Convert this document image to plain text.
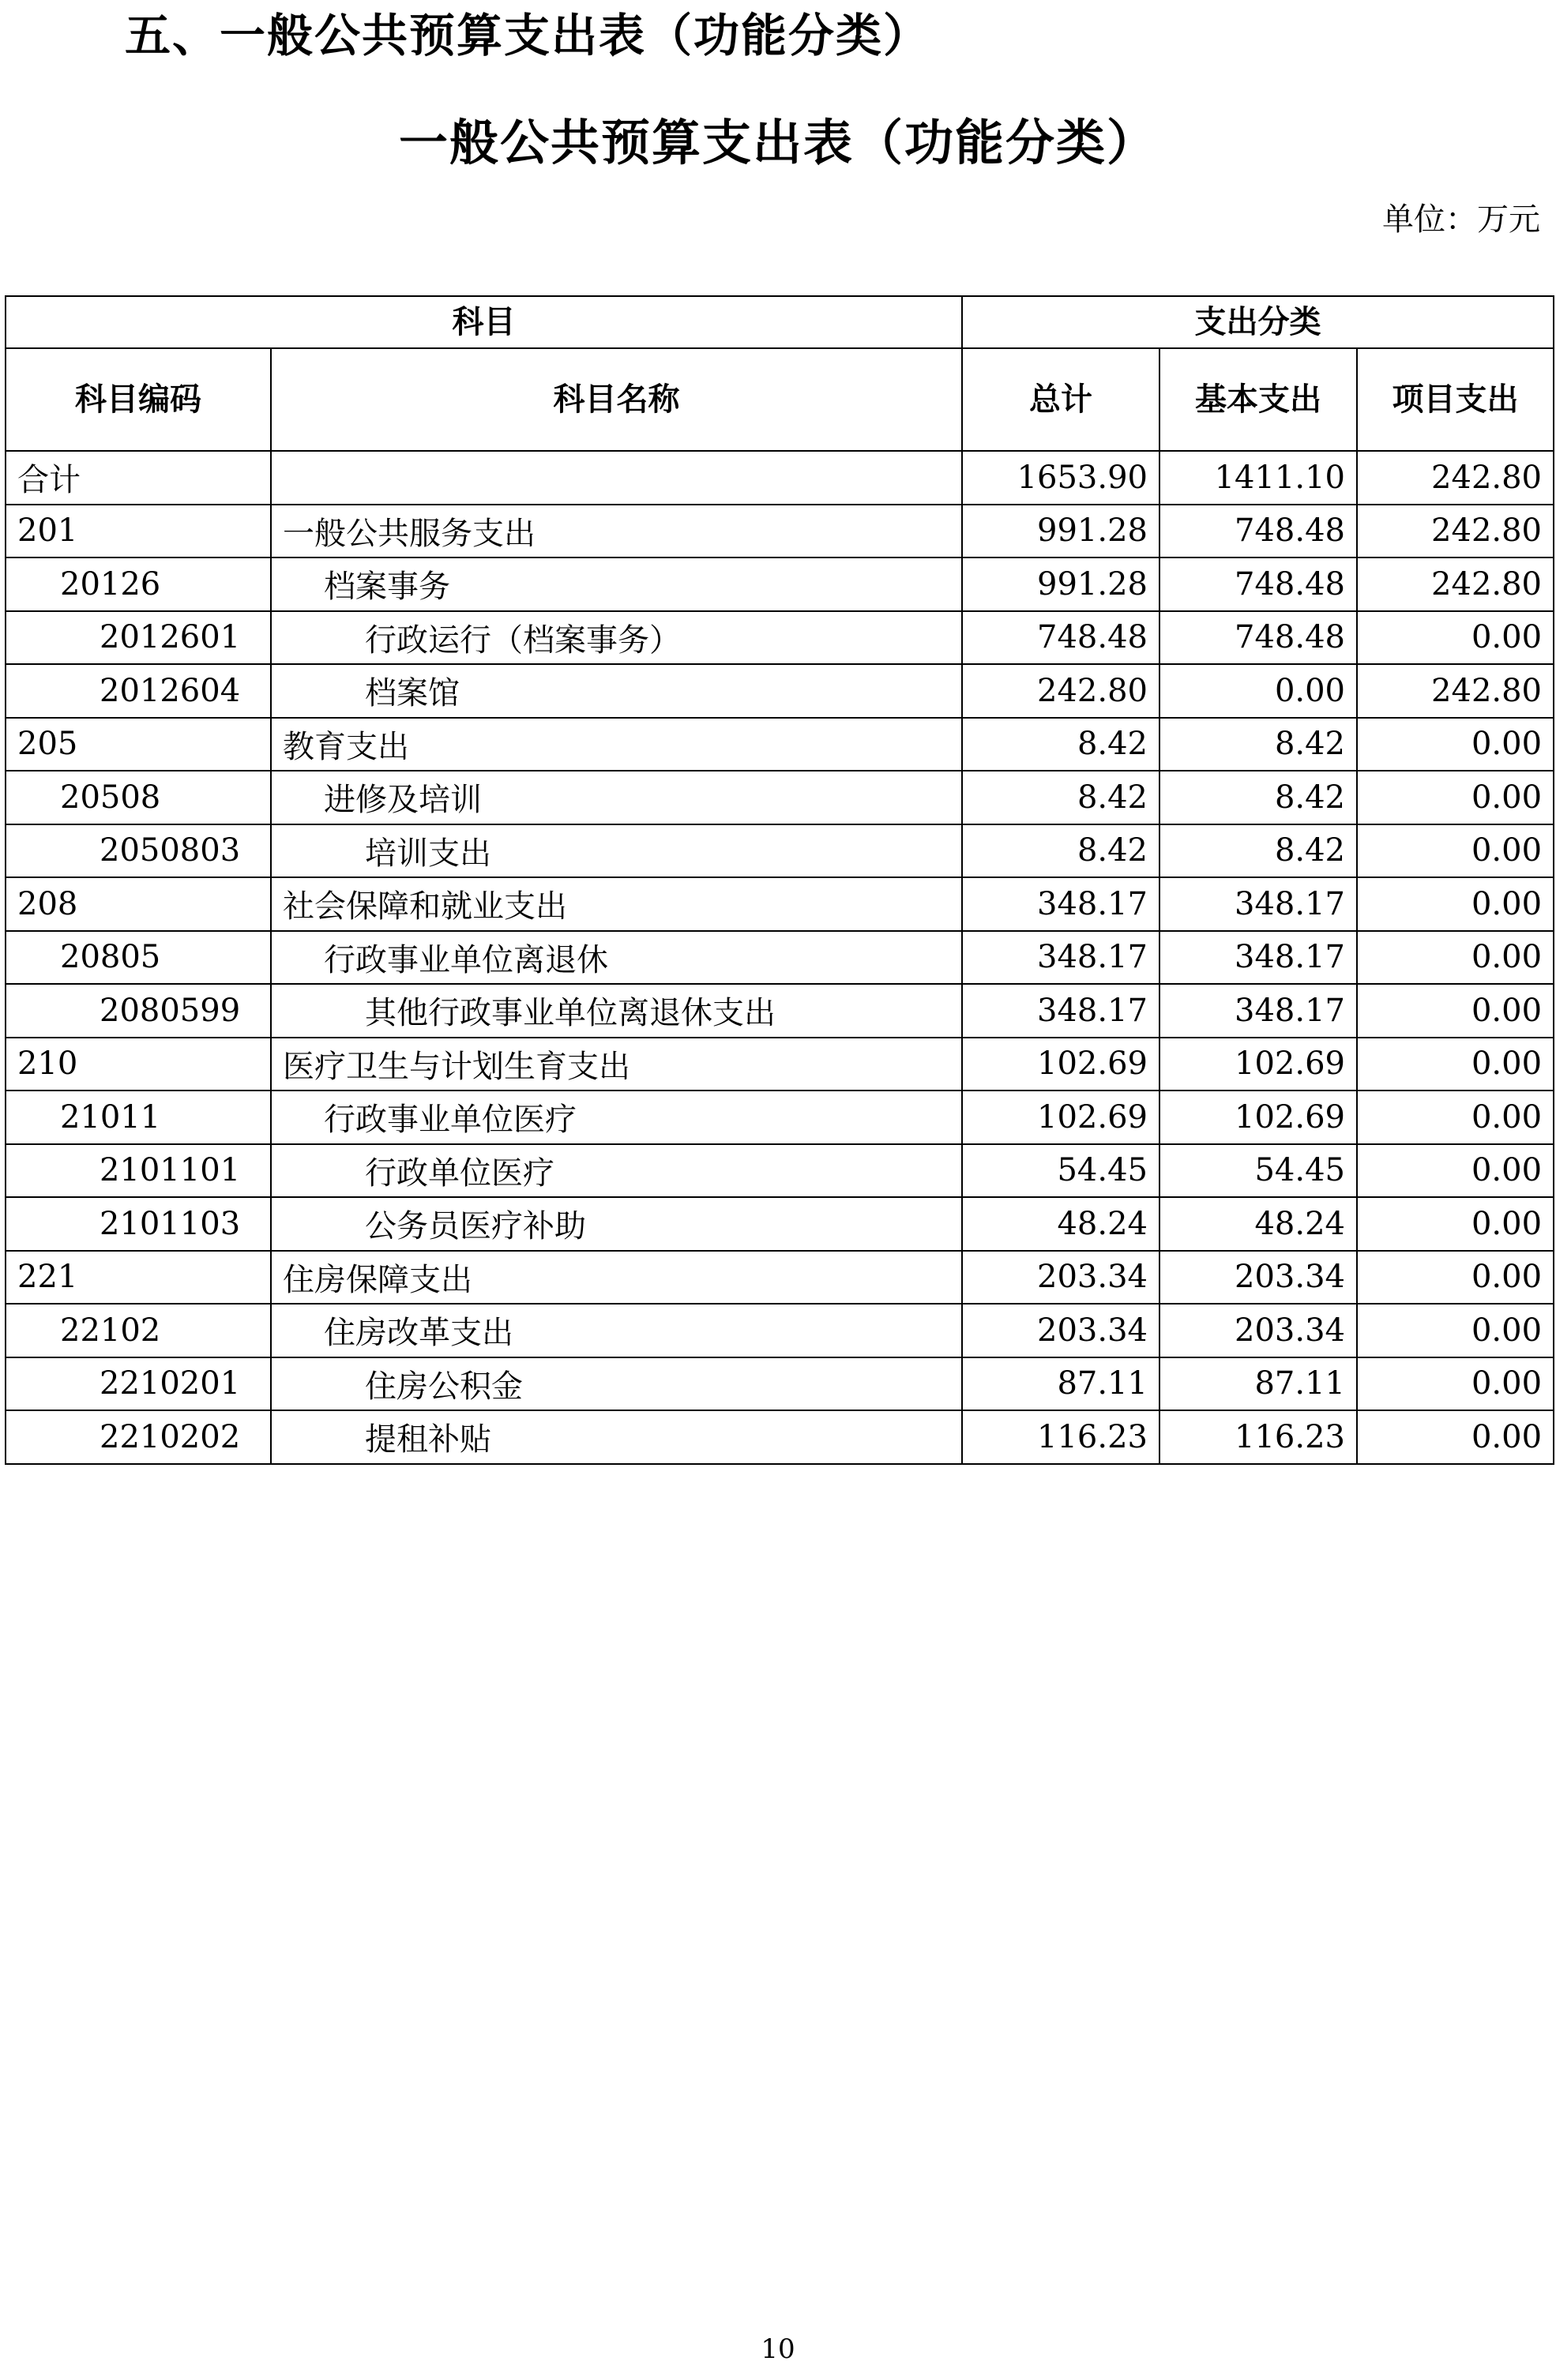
五、一般公共预算支出表（功能分类）
一般公共预算支出表（功能分类）
单位：万元
科目		支出分类		
科目编码	科目名称	总计	基本支出	项目支出
合计		1653.90	1411.10	242.80
201	一般公共服务支出	991.28	748.48	242.80
20126	档案事务	991.28	748.48	242.80
2012601	行政运行（档案事务）	748.48	748.48	0.00
2012604	档案馆	242.80	0.00	242.80
205	教育支出	8.42	8.42	0.00
20508	进修及培训	8.42	8.42	0.00
2050803	培训支出	8.42	8.42	0.00
208	社会保障和就业支出	348.17	348.17	0.00
20805	行政事业单位离退休	348.17	348.17	0.00
2080599	其他行政事业单位离退休支出	348.17	348.17	0.00
210	医疗卫生与计划生育支出	102.69	102.69	0.00
21011	行政事业单位医疗	102.69	102.69	0.00
2101101	行政单位医疗	54.45	54.45	0.00
2101103	公务员医疗补助	48.24	48.24	0.00
221	住房保障支出	203.34	203.34	0.00
22102	住房改革支出	203.34	203.34	0.00
2210201	住房公积金	87.11	87.11	0.00
2210202	提租补贴	116.23	116.23	0.00
10
